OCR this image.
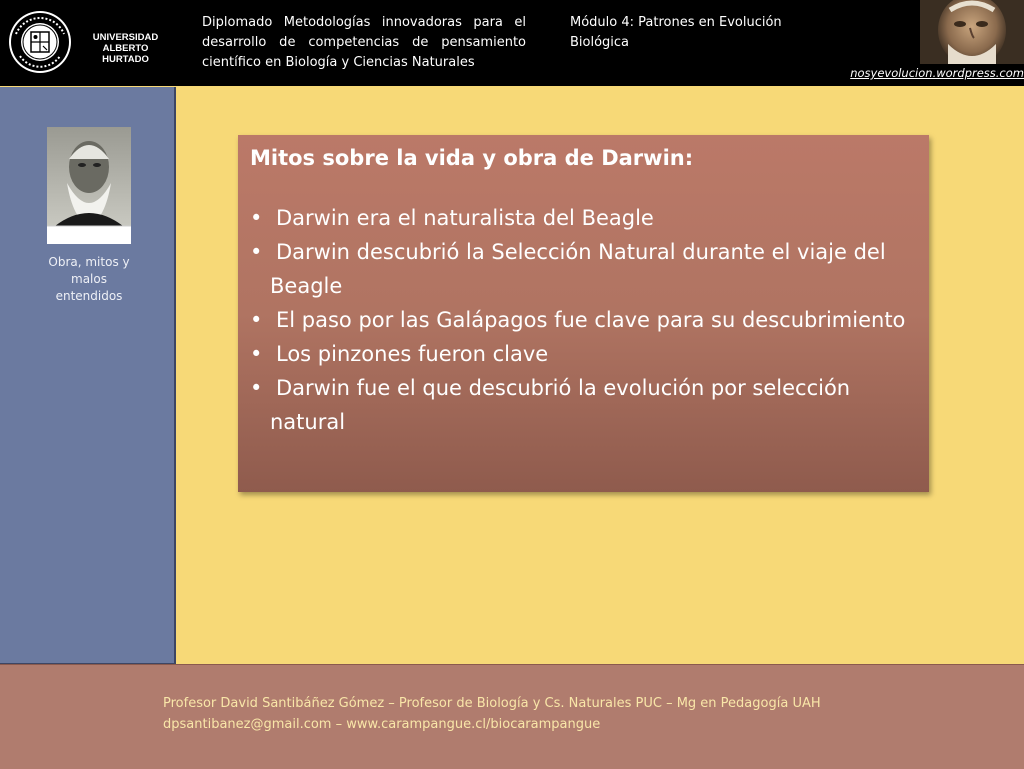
UNIVERSIDAD ALBERTO HURTADO
Diplomado Metodologías innovadoras para el desarrollo de competencias de pensamiento científico en Biología y Ciencias Naturales
Módulo 4: Patrones en Evolución Biológica
nosyevolucion.wordpress.com
Obra, mitos y malos entendidos
Mitos sobre la vida y obra de Darwin:
• Darwin era el naturalista del Beagle
• Darwin descubrió la Selección Natural durante el viaje del Beagle
• El paso por las Galápagos fue clave para su descubrimiento
• Los pinzones fueron clave
• Darwin fue el que descubrió la evolución por selección natural
Profesor David Santibáñez Gómez – Profesor de Biología y Cs. Naturales PUC – Mg en Pedagogía UAH
dpsantibanez@gmail.com – www.carampangue.cl/biocarampangue
